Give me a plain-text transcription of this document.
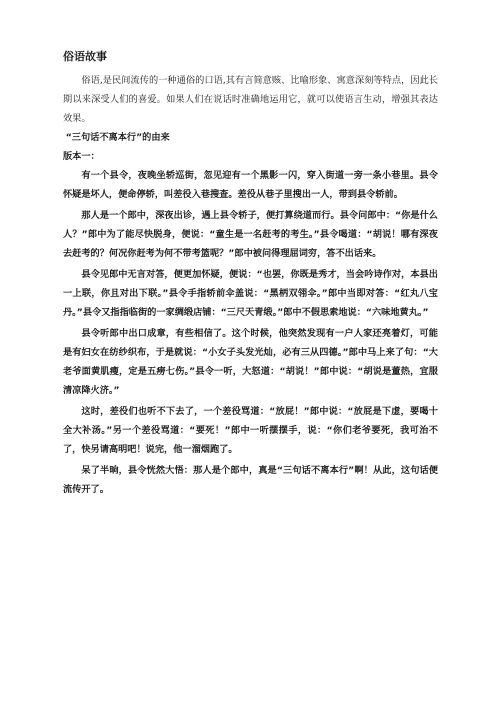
俗语故事

俗语,是民间流传的一种通俗的口语,其有言简意赅、比喻形象、寓意深刻等特点，因此长期以来深受人们的喜爱。如果人们在说话时准确地运用它，就可以使语言生动，增强其表达效果。

“三句话不离本行”的由来

版本一：

有一个县令，夜晚坐轿巡街，忽见迎有一个黑影一闪，穿入街道一旁一条小巷里。县令怀疑是坏人，便命停轿，叫差役入巷搜查。差役从巷子里搜出一人，带到县令轿前。

那人是一个郎中，深夜出诊，遇上县令轿子，便打算绕道而行。县令问郎中：“你是什么人？”郎中为了能尽快脱身，便说：“童生是一名赶考的考生。”县令喝道：“胡说！哪有深夜去赶考的？何况你赶考为何不带考篮呢？”郎中被问得理屈词穷，答不出话来。

县令见郎中无言对答，便更加怀疑，便说：“也罢，你既是秀才，当会吟诗作对，本县出一上联，你且对出下联。”县令手指轿前伞盖说：“黑柄双翎伞。”郎中当即对答：“红丸八宝丹。”县令又指指临街的一家绸缎店铺：“三尺天青缎。”郎中不假思索地说：“六味地黄丸。”

县令听郎中出口成章，有些相信了。这个时候，他突然发现有一户人家还亮着灯，可能是有妇女在纺纱织布，于是就说：“小女子头发光灿，必有三从四德。”郎中马上来了句：“大老爷面黄肌瘦，定是五痨七伤。”县令一听，大怒道：“胡说！”郎中说：“胡说是董热，宜服清凉降火济。”

这时，差役们也听不下去了，一个差役骂道：“放屁！”郎中说：“放屁是下虚，要喝十全大补汤。”另一个差役骂道：“要死！”郎中一听摆摆手，说：“你们老爷要死，我可治不了，快另请高明吧！说完，他一溜烟跑了。

呆了半晌，县令恍然大悟：那人是个郎中，真是“三句话不离本行”啊！从此，这句话便流传开了。
